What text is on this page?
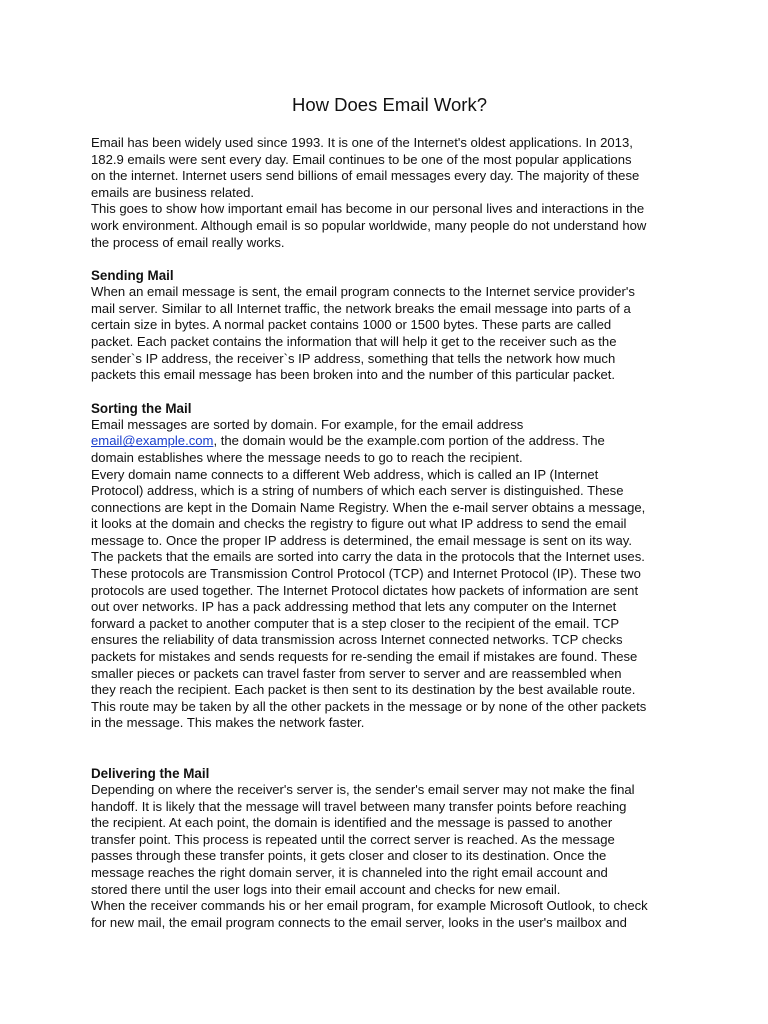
How Does Email Work?

Email has been widely used since 1993. It is one of the Internet's oldest applications. In 2013,
182.9 emails were sent every day. Email continues to be one of the most popular applications
on the internet. Internet users send billions of email messages every day. The majority of these
emails are business related.

This goes to show how important email has become in our personal lives and interactions in the
work environment. Although email is so popular worldwide, many people do not understand how
the process of email really works.

Sending Mail

When an email message is sent, the email program connects to the Internet service provider's
mail server. Similar to all Internet traffic, the network breaks the email message into parts of a
certain size in bytes. A normal packet contains 1000 or 1500 bytes. These parts are called
packet. Each packet contains the information that will help it get to the receiver such as the
sender`s IP address, the receiver`s IP address, something that tells the network how much
packets this email message has been broken into and the number of this particular packet.

Sorting the Mail

Email messages are sorted by domain. For example, for the email address
email@example.com, the domain would be the example.com portion of the address. The
domain establishes where the message needs to go to reach the recipient.

Every domain name connects to a different Web address, which is called an IP (Internet
Protocol) address, which is a string of numbers of which each server is distinguished. These
connections are kept in the Domain Name Registry. When the e-mail server obtains a message,
it looks at the domain and checks the registry to figure out what IP address to send the email
message to. Once the proper IP address is determined, the email message is sent on its way.
The packets that the emails are sorted into carry the data in the protocols that the Internet uses.
These protocols are Transmission Control Protocol (TCP) and Internet Protocol (IP). These two
protocols are used together. The Internet Protocol dictates how packets of information are sent
out over networks. IP has a pack addressing method that lets any computer on the Internet
forward a packet to another computer that is a step closer to the recipient of the email. TCP
ensures the reliability of data transmission across Internet connected networks. TCP checks
packets for mistakes and sends requests for re-sending the email if mistakes are found. These
smaller pieces or packets can travel faster from server to server and are reassembled when
they reach the recipient. Each packet is then sent to its destination by the best available route.
This route may be taken by all the other packets in the message or by none of the other packets
in the message. This makes the network faster.

Delivering the Mail

Depending on where the receiver's server is, the sender's email server may not make the final
handoff. It is likely that the message will travel between many transfer points before reaching
the recipient. At each point, the domain is identified and the message is passed to another
transfer point. This process is repeated until the correct server is reached. As the message
passes through these transfer points, it gets closer and closer to its destination. Once the
message reaches the right domain server, it is channeled into the right email account and
stored there until the user logs into their email account and checks for new email.

When the receiver commands his or her email program, for example Microsoft Outlook, to check
for new mail, the email program connects to the email server, looks in the user's mailbox and
